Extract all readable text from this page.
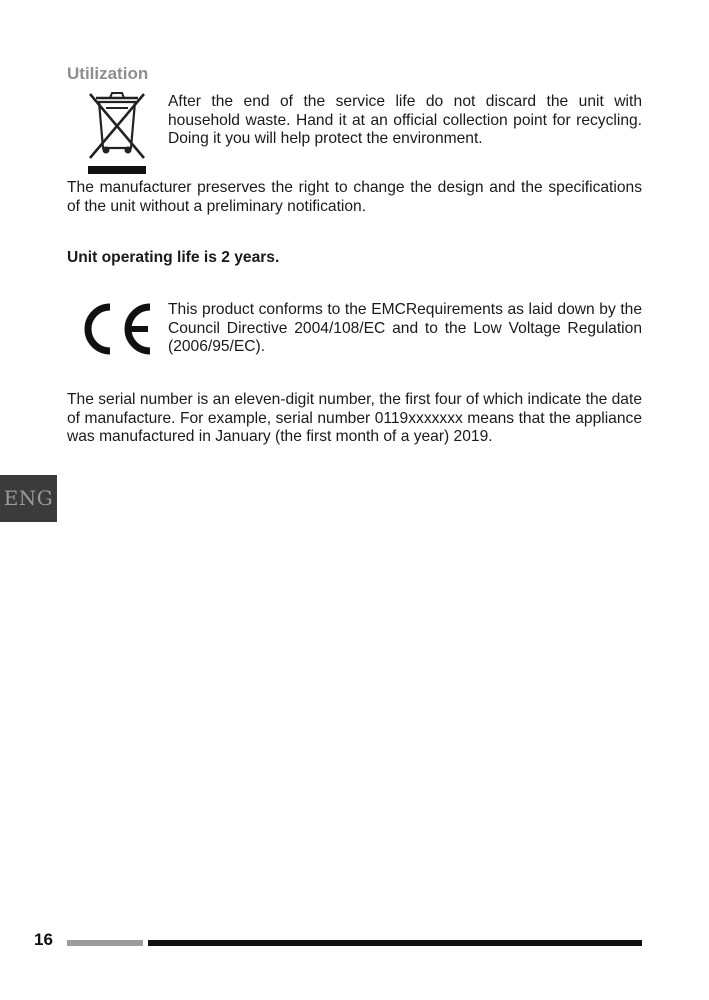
Utilization
After the end of the service life do not discard the unit with household waste. Hand it at an official collection point for recycling. Doing it you will help protect the environment.
The manufacturer preserves the right to change the design and the specifications of the unit without a preliminary notification.
Unit operating life is 2 years.
This product conforms to the EMCRequirements as laid down by the Council Directive 2004/108/EC and to the Low Voltage Regulation (2006/95/EC).
The serial number is an eleven-digit number, the first four of which indicate the date of manufacture. For example, serial number 0119xxxxxxx means that the appliance was manufactured in January (the first month of a year) 2019.
ENG
16
